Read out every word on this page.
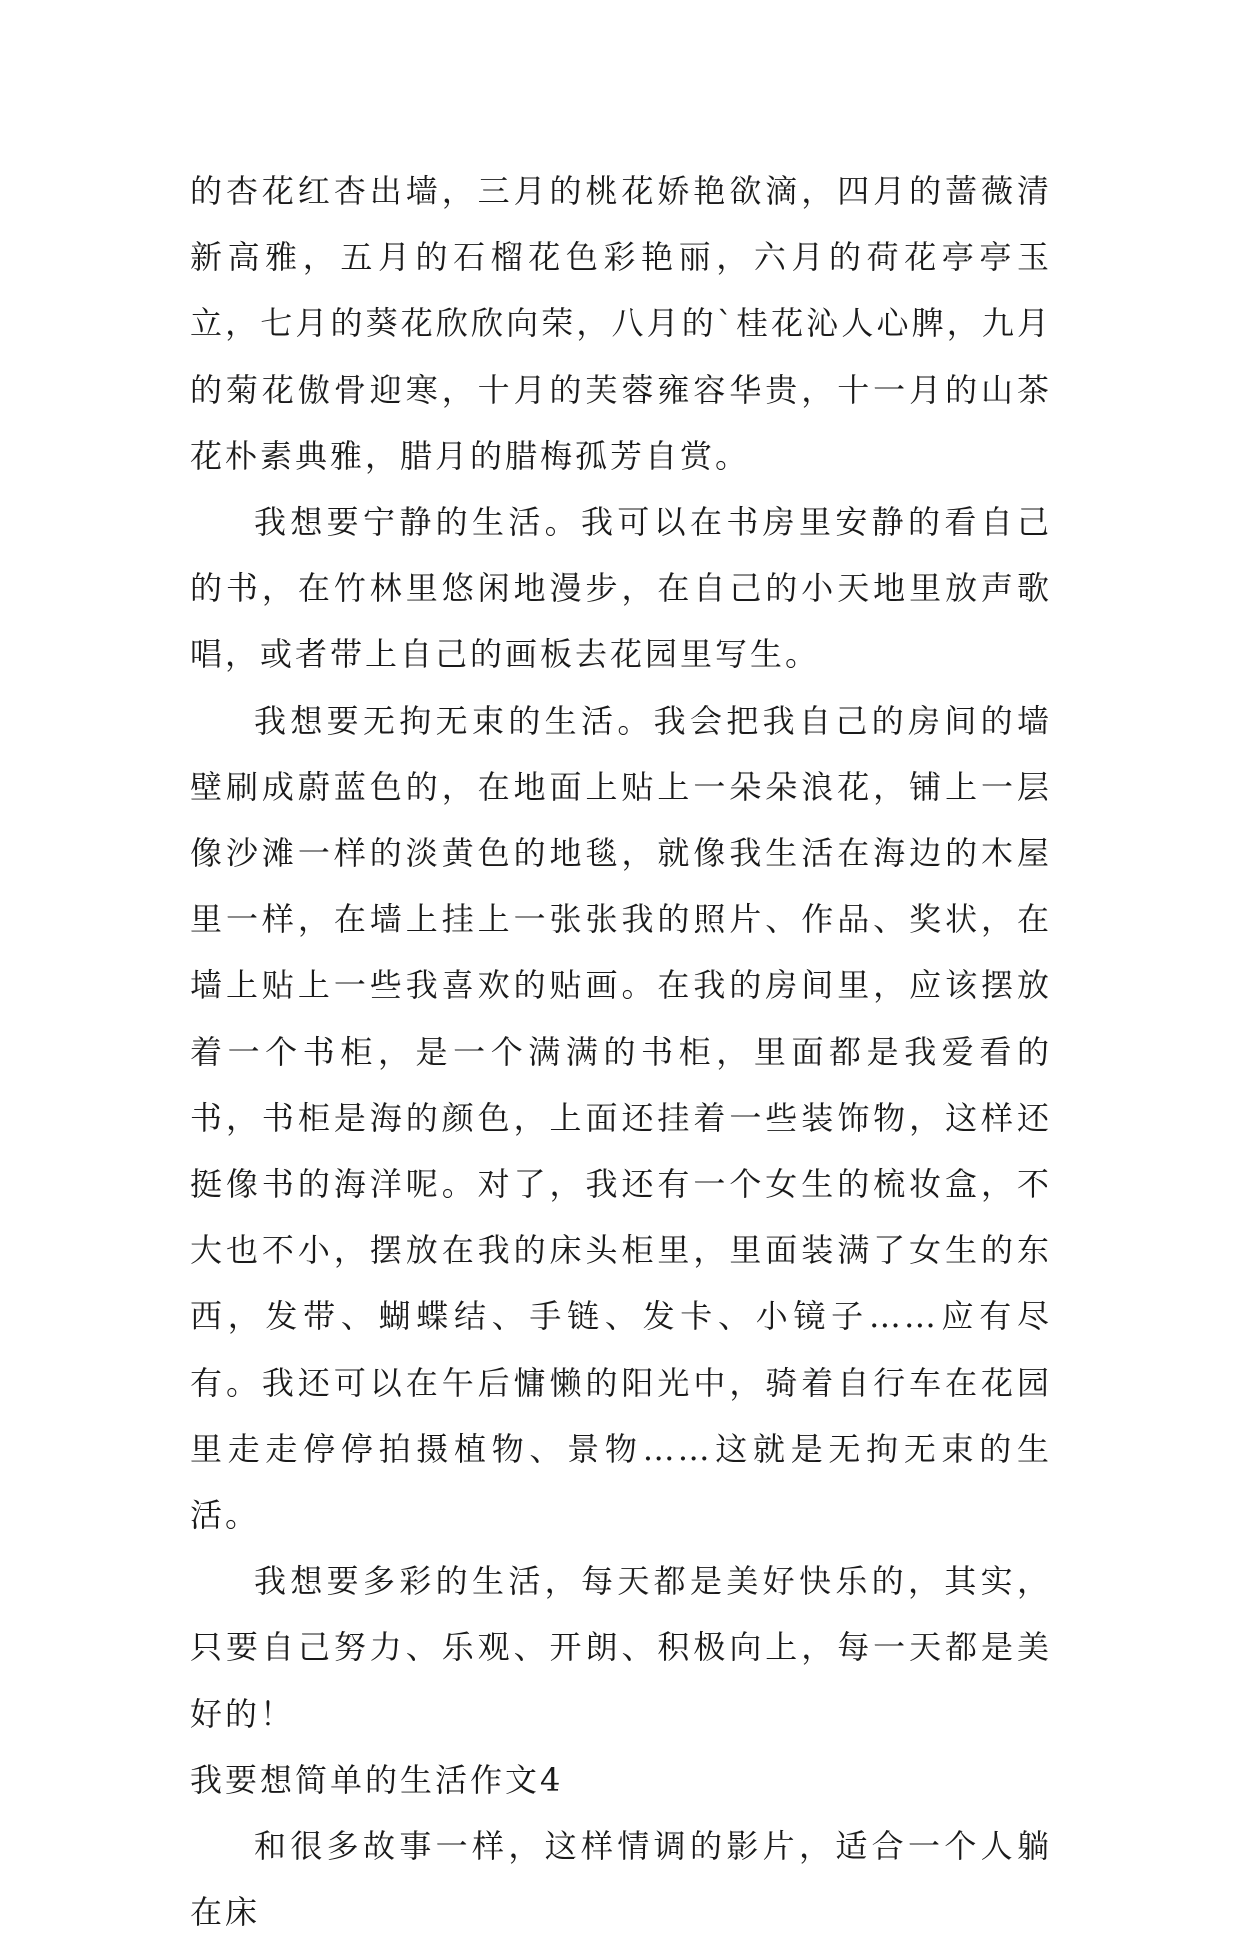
的杏花红杏出墙，三月的桃花娇艳欲滴，四月的蔷薇清新高雅，五月的石榴花色彩艳丽，六月的荷花亭亭玉立，七月的葵花欣欣向荣，八月的`桂花沁人心脾，九月的菊花傲骨迎寒，十月的芙蓉雍容华贵，十一月的山茶花朴素典雅，腊月的腊梅孤芳自赏。

我想要宁静的生活。我可以在书房里安静的看自己的书，在竹林里悠闲地漫步，在自己的小天地里放声歌唱，或者带上自己的画板去花园里写生。

我想要无拘无束的生活。我会把我自己的房间的墙壁刷成蔚蓝色的，在地面上贴上一朵朵浪花，铺上一层像沙滩一样的淡黄色的地毯，就像我生活在海边的木屋里一样，在墙上挂上一张张我的照片、作品、奖状，在墙上贴上一些我喜欢的贴画。在我的房间里，应该摆放着一个书柜，是一个满满的书柜，里面都是我爱看的书，书柜是海的颜色，上面还挂着一些装饰物，这样还挺像书的海洋呢。对了，我还有一个女生的梳妆盒，不大也不小，摆放在我的床头柜里，里面装满了女生的东西，发带、蝴蝶结、手链、发卡、小镜子……应有尽有。我还可以在午后慵懒的阳光中，骑着自行车在花园里走走停停拍摄植物、景物……这就是无拘无束的生活。

我想要多彩的生活，每天都是美好快乐的，其实，只要自己努力、乐观、开朗、积极向上，每一天都是美好的！

我要想简单的生活作文4

和很多故事一样，这样情调的影片，适合一个人躺在床
